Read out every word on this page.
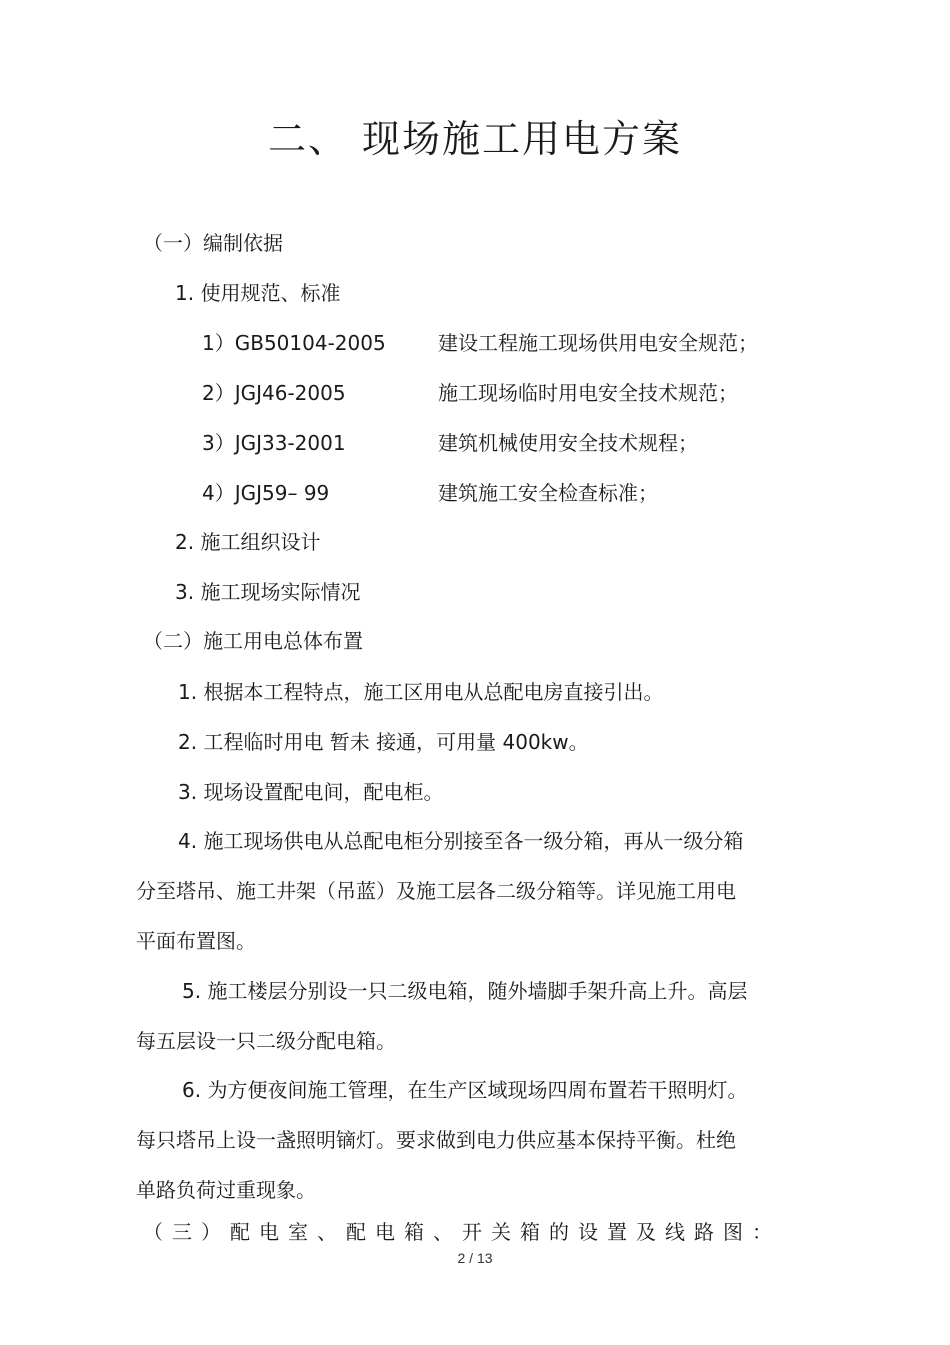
二、 现场施工用电方案
（一）编制依据
1. 使用规范、标准
1）GB50104-2005	建设工程施工现场供用电安全规范；
2）JGJ46-2005	施工现场临时用电安全技术规范；
3）JGJ33-2001	建筑机械使用安全技术规程；
4）JGJ59– 99	建筑施工安全检查标准；
2. 施工组织设计
3. 施工现场实际情况
（二）施工用电总体布置
1. 根据本工程特点，施工区用电从总配电房直接引出。
2. 工程临时用电 暂未 接通，可用量 400kw。
3. 现场设置配电间，配电柜。
4. 施工现场供电从总配电柜分别接至各一级分箱，再从一级分箱
分至塔吊、施工井架（吊蓝）及施工层各二级分箱等。详见施工用电
平面布置图。
5. 施工楼层分别设一只二级电箱，随外墙脚手架升高上升。高层
每五层设一只二级分配电箱。
6. 为方便夜间施工管理，在生产区域现场四周布置若干照明灯。
每只塔吊上设一盏照明镝灯。要求做到电力供应基本保持平衡。杜绝
单路负荷过重现象。
（三）配电室、配电箱、开关箱的设置及线路图：
2 / 13
